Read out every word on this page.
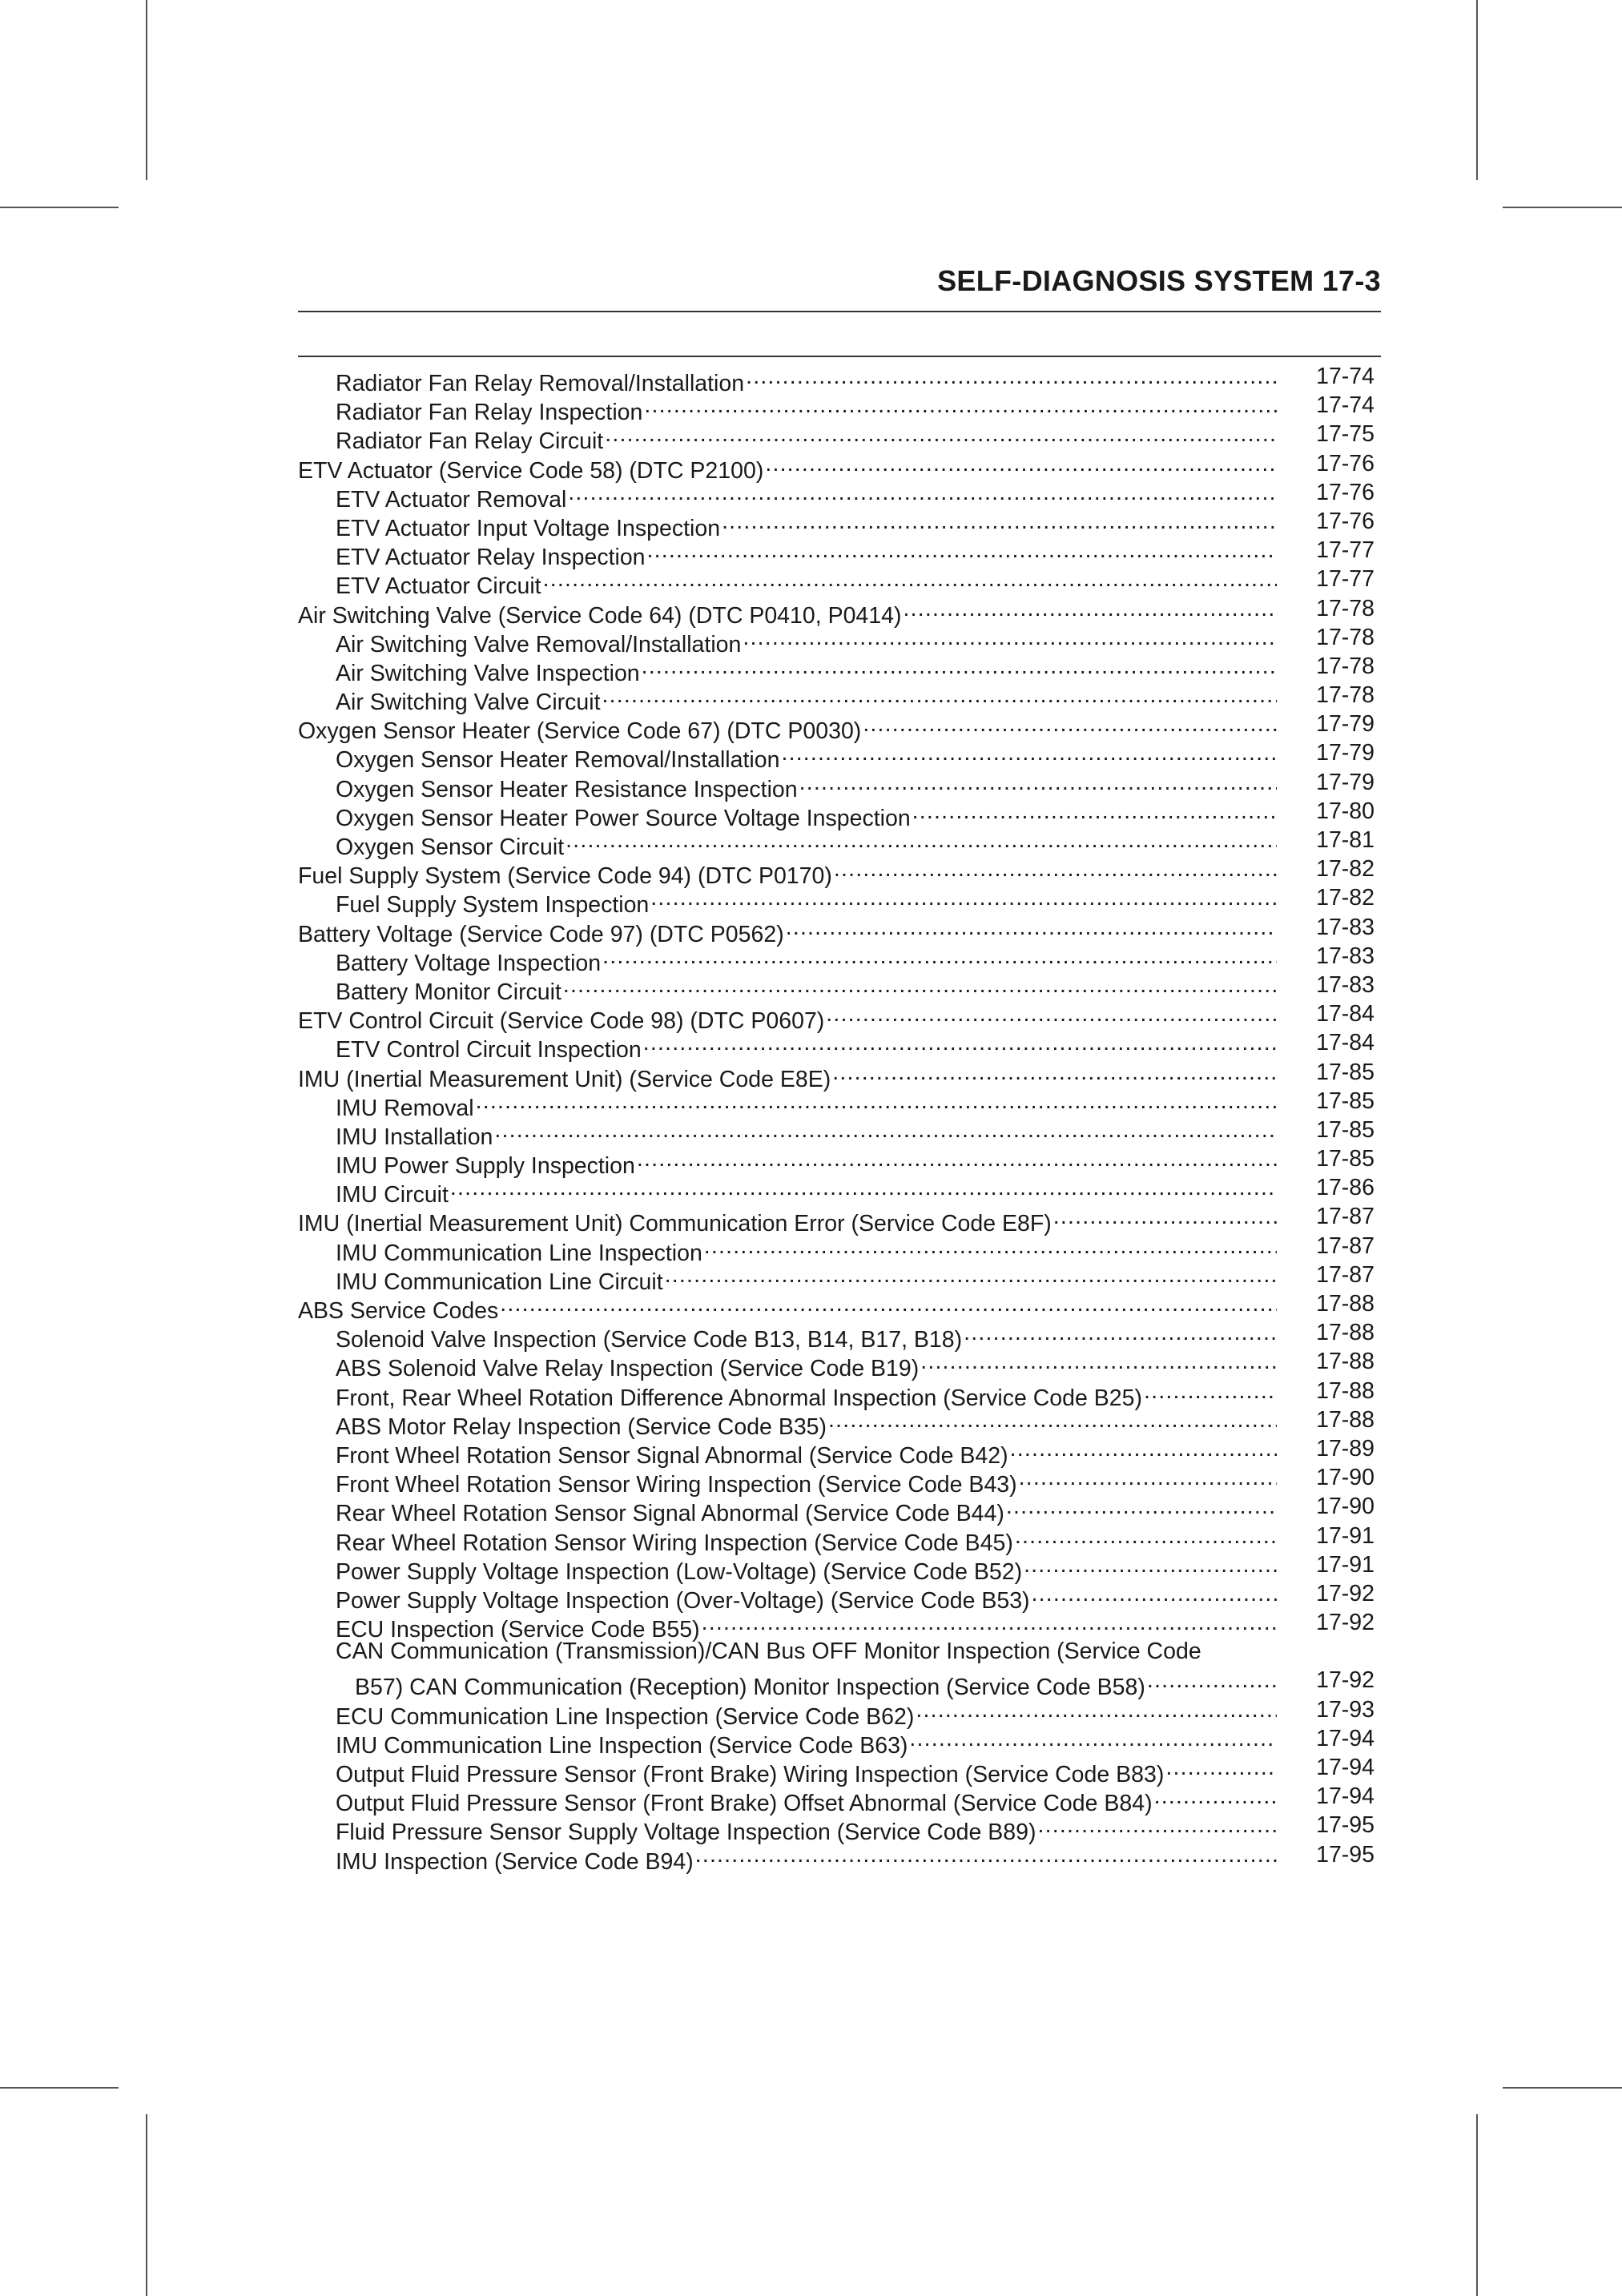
SELF-DIAGNOSIS SYSTEM 17-3
Radiator Fan Relay Removal/Installation .....	17-74
Radiator Fan Relay Inspection .....	17-74
Radiator Fan Relay Circuit .....	17-75
ETV Actuator (Service Code 58) (DTC P2100) .....	17-76
ETV Actuator Removal .....	17-76
ETV Actuator Input Voltage Inspection .....	17-76
ETV Actuator Relay Inspection .....	17-77
ETV Actuator Circuit .....	17-77
Air Switching Valve (Service Code 64) (DTC P0410, P0414) .....	17-78
Air Switching Valve Removal/Installation .....	17-78
Air Switching Valve Inspection .....	17-78
Air Switching Valve Circuit .....	17-78
Oxygen Sensor Heater (Service Code 67) (DTC P0030) .....	17-79
Oxygen Sensor Heater Removal/Installation .....	17-79
Oxygen Sensor Heater Resistance Inspection .....	17-79
Oxygen Sensor Heater Power Source Voltage Inspection .....	17-80
Oxygen Sensor Circuit .....	17-81
Fuel Supply System (Service Code 94) (DTC P0170) .....	17-82
Fuel Supply System Inspection .....	17-82
Battery Voltage (Service Code 97) (DTC P0562) .....	17-83
Battery Voltage Inspection .....	17-83
Battery Monitor Circuit .....	17-83
ETV Control Circuit (Service Code 98) (DTC P0607) .....	17-84
ETV Control Circuit Inspection .....	17-84
IMU (Inertial Measurement Unit) (Service Code E8E) .....	17-85
IMU Removal .....	17-85
IMU Installation .....	17-85
IMU Power Supply Inspection .....	17-85
IMU Circuit .....	17-86
IMU (Inertial Measurement Unit) Communication Error (Service Code E8F) .....	17-87
IMU Communication Line Inspection .....	17-87
IMU Communication Line Circuit .....	17-87
ABS Service Codes .....	17-88
Solenoid Valve Inspection (Service Code B13, B14, B17, B18) .....	17-88
ABS Solenoid Valve Relay Inspection (Service Code B19) .....	17-88
Front, Rear Wheel Rotation Difference Abnormal Inspection (Service Code B25) .....	17-88
ABS Motor Relay Inspection (Service Code B35) .....	17-88
Front Wheel Rotation Sensor Signal Abnormal (Service Code B42) .....	17-89
Front Wheel Rotation Sensor Wiring Inspection (Service Code B43) .....	17-90
Rear Wheel Rotation Sensor Signal Abnormal (Service Code B44) .....	17-90
Rear Wheel Rotation Sensor Wiring Inspection (Service Code B45) .....	17-91
Power Supply Voltage Inspection (Low-Voltage) (Service Code B52) .....	17-91
Power Supply Voltage Inspection (Over-Voltage) (Service Code B53) .....	17-92
ECU Inspection (Service Code B55) .....	17-92
CAN Communication (Transmission)/CAN Bus OFF Monitor Inspection (Service Code
B57) CAN Communication (Reception) Monitor Inspection (Service Code B58) .....	17-92
ECU Communication Line Inspection (Service Code B62) .....	17-93
IMU Communication Line Inspection (Service Code B63) .....	17-94
Output Fluid Pressure Sensor (Front Brake) Wiring Inspection (Service Code B83) .....	17-94
Output Fluid Pressure Sensor (Front Brake) Offset Abnormal (Service Code B84) .....	17-94
Fluid Pressure Sensor Supply Voltage Inspection (Service Code B89) .....	17-95
IMU Inspection (Service Code B94) .....	17-95
